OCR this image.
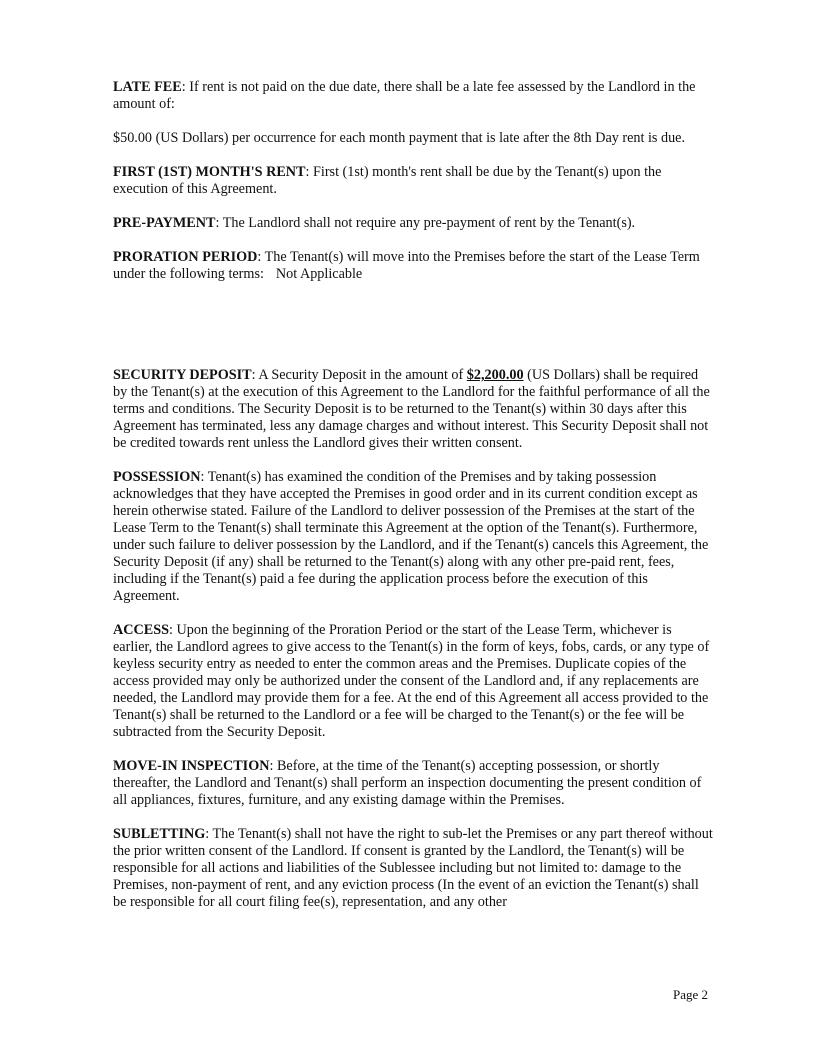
LATE FEE: If rent is not paid on the due date, there shall be a late fee assessed by the Landlord in the amount of:

$50.00 (US Dollars) per occurrence for each month payment that is late after the 8th Day rent is due.

FIRST (1ST) MONTH'S RENT: First (1st) month's rent shall be due by the Tenant(s) upon the execution of this Agreement.

PRE-PAYMENT: The Landlord shall not require any pre-payment of rent by the Tenant(s).

PRORATION PERIOD: The Tenant(s) will move into the Premises before the start of the Lease Term under the following terms: Not Applicable

SECURITY DEPOSIT: A Security Deposit in the amount of $2,200.00 (US Dollars) shall be required by the Tenant(s) at the execution of this Agreement to the Landlord for the faithful performance of all the terms and conditions. The Security Deposit is to be returned to the Tenant(s) within 30 days after this Agreement has terminated, less any damage charges and without interest. This Security Deposit shall not be credited towards rent unless the Landlord gives their written consent.

POSSESSION: Tenant(s) has examined the condition of the Premises and by taking possession acknowledges that they have accepted the Premises in good order and in its current condition except as herein otherwise stated. Failure of the Landlord to deliver possession of the Premises at the start of the Lease Term to the Tenant(s) shall terminate this Agreement at the option of the Tenant(s). Furthermore, under such failure to deliver possession by the Landlord, and if the Tenant(s) cancels this Agreement, the Security Deposit (if any) shall be returned to the Tenant(s) along with any other pre-paid rent, fees, including if the Tenant(s) paid a fee during the application process before the execution of this Agreement.

ACCESS: Upon the beginning of the Proration Period or the start of the Lease Term, whichever is earlier, the Landlord agrees to give access to the Tenant(s) in the form of keys, fobs, cards, or any type of keyless security entry as needed to enter the common areas and the Premises. Duplicate copies of the access provided may only be authorized under the consent of the Landlord and, if any replacements are needed, the Landlord may provide them for a fee. At the end of this Agreement all access provided to the Tenant(s) shall be returned to the Landlord or a fee will be charged to the Tenant(s) or the fee will be subtracted from the Security Deposit.

MOVE-IN INSPECTION: Before, at the time of the Tenant(s) accepting possession, or shortly thereafter, the Landlord and Tenant(s) shall perform an inspection documenting the present condition of all appliances, fixtures, furniture, and any existing damage within the Premises.

SUBLETTING: The Tenant(s) shall not have the right to sub-let the Premises or any part thereof without the prior written consent of the Landlord. If consent is granted by the Landlord, the Tenant(s) will be responsible for all actions and liabilities of the Sublessee including but not limited to: damage to the Premises, non-payment of rent, and any eviction process (In the event of an eviction the Tenant(s) shall be responsible for all court filing fee(s), representation, and any other

Page 2
